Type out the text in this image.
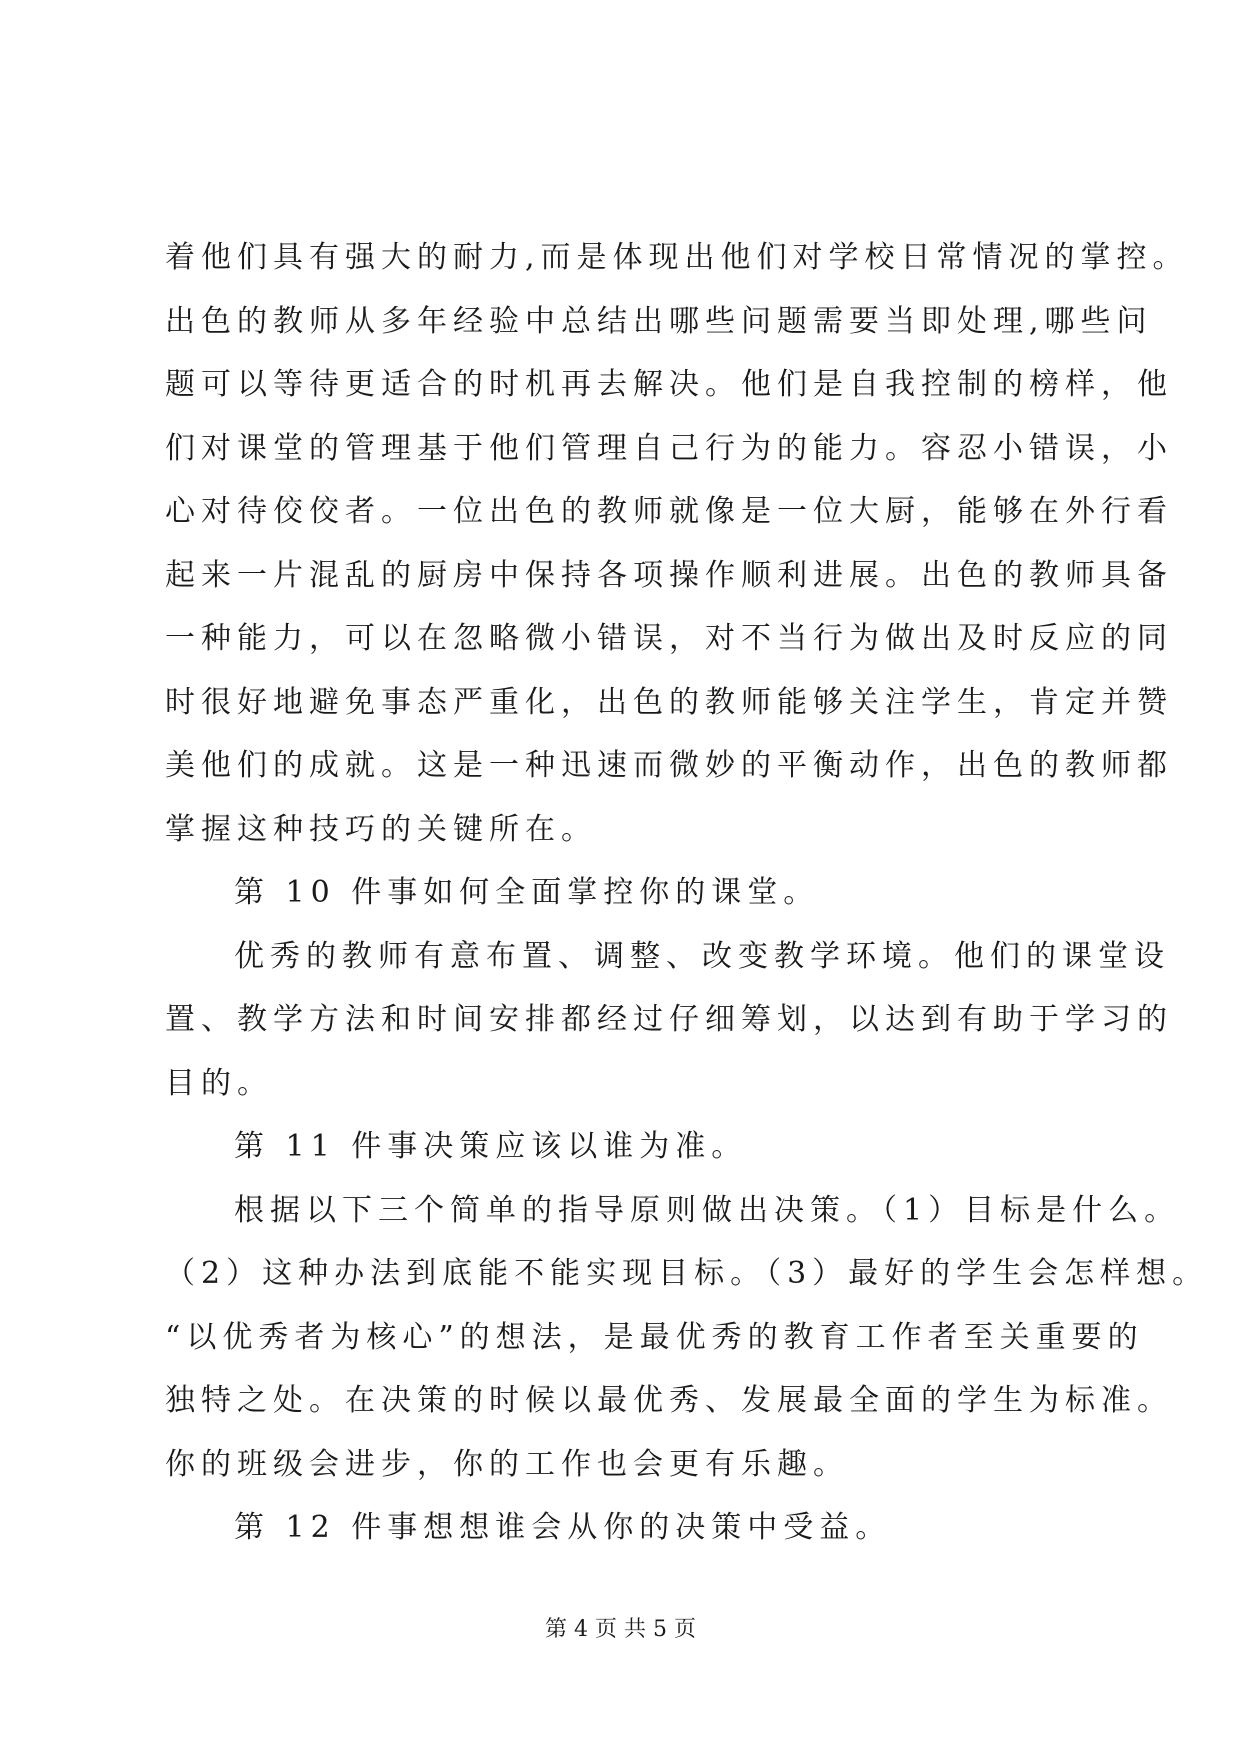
着他们具有强大的耐力,而是体现出他们对学校日常情况的掌控。
出色的教师从多年经验中总结出哪些问题需要当即处理,哪些问
题可以等待更适合的时机再去解决。他们是自我控制的榜样，他
们对课堂的管理基于他们管理自己行为的能力。容忍小错误，小
心对待佼佼者。一位出色的教师就像是一位大厨，能够在外行看
起来一片混乱的厨房中保持各项操作顺利进展。出色的教师具备
一种能力，可以在忽略微小错误，对不当行为做出及时反应的同
时很好地避免事态严重化，出色的教师能够关注学生，肯定并赞
美他们的成就。这是一种迅速而微妙的平衡动作，出色的教师都
掌握这种技巧的关键所在。
第 10 件事如何全面掌控你的课堂。
优秀的教师有意布置、调整、改变教学环境。他们的课堂设
置、教学方法和时间安排都经过仔细筹划，以达到有助于学习的
目的。
第 11 件事决策应该以谁为准。
根据以下三个简单的指导原则做出决策。（1）目标是什么。
（2）这种办法到底能不能实现目标。（3）最好的学生会怎样想。
“以优秀者为核心”的想法，是最优秀的教育工作者至关重要的
独特之处。在决策的时候以最优秀、发展最全面的学生为标准。
你的班级会进步，你的工作也会更有乐趣。
第 12 件事想想谁会从你的决策中受益。
第 4 页 共 5 页
